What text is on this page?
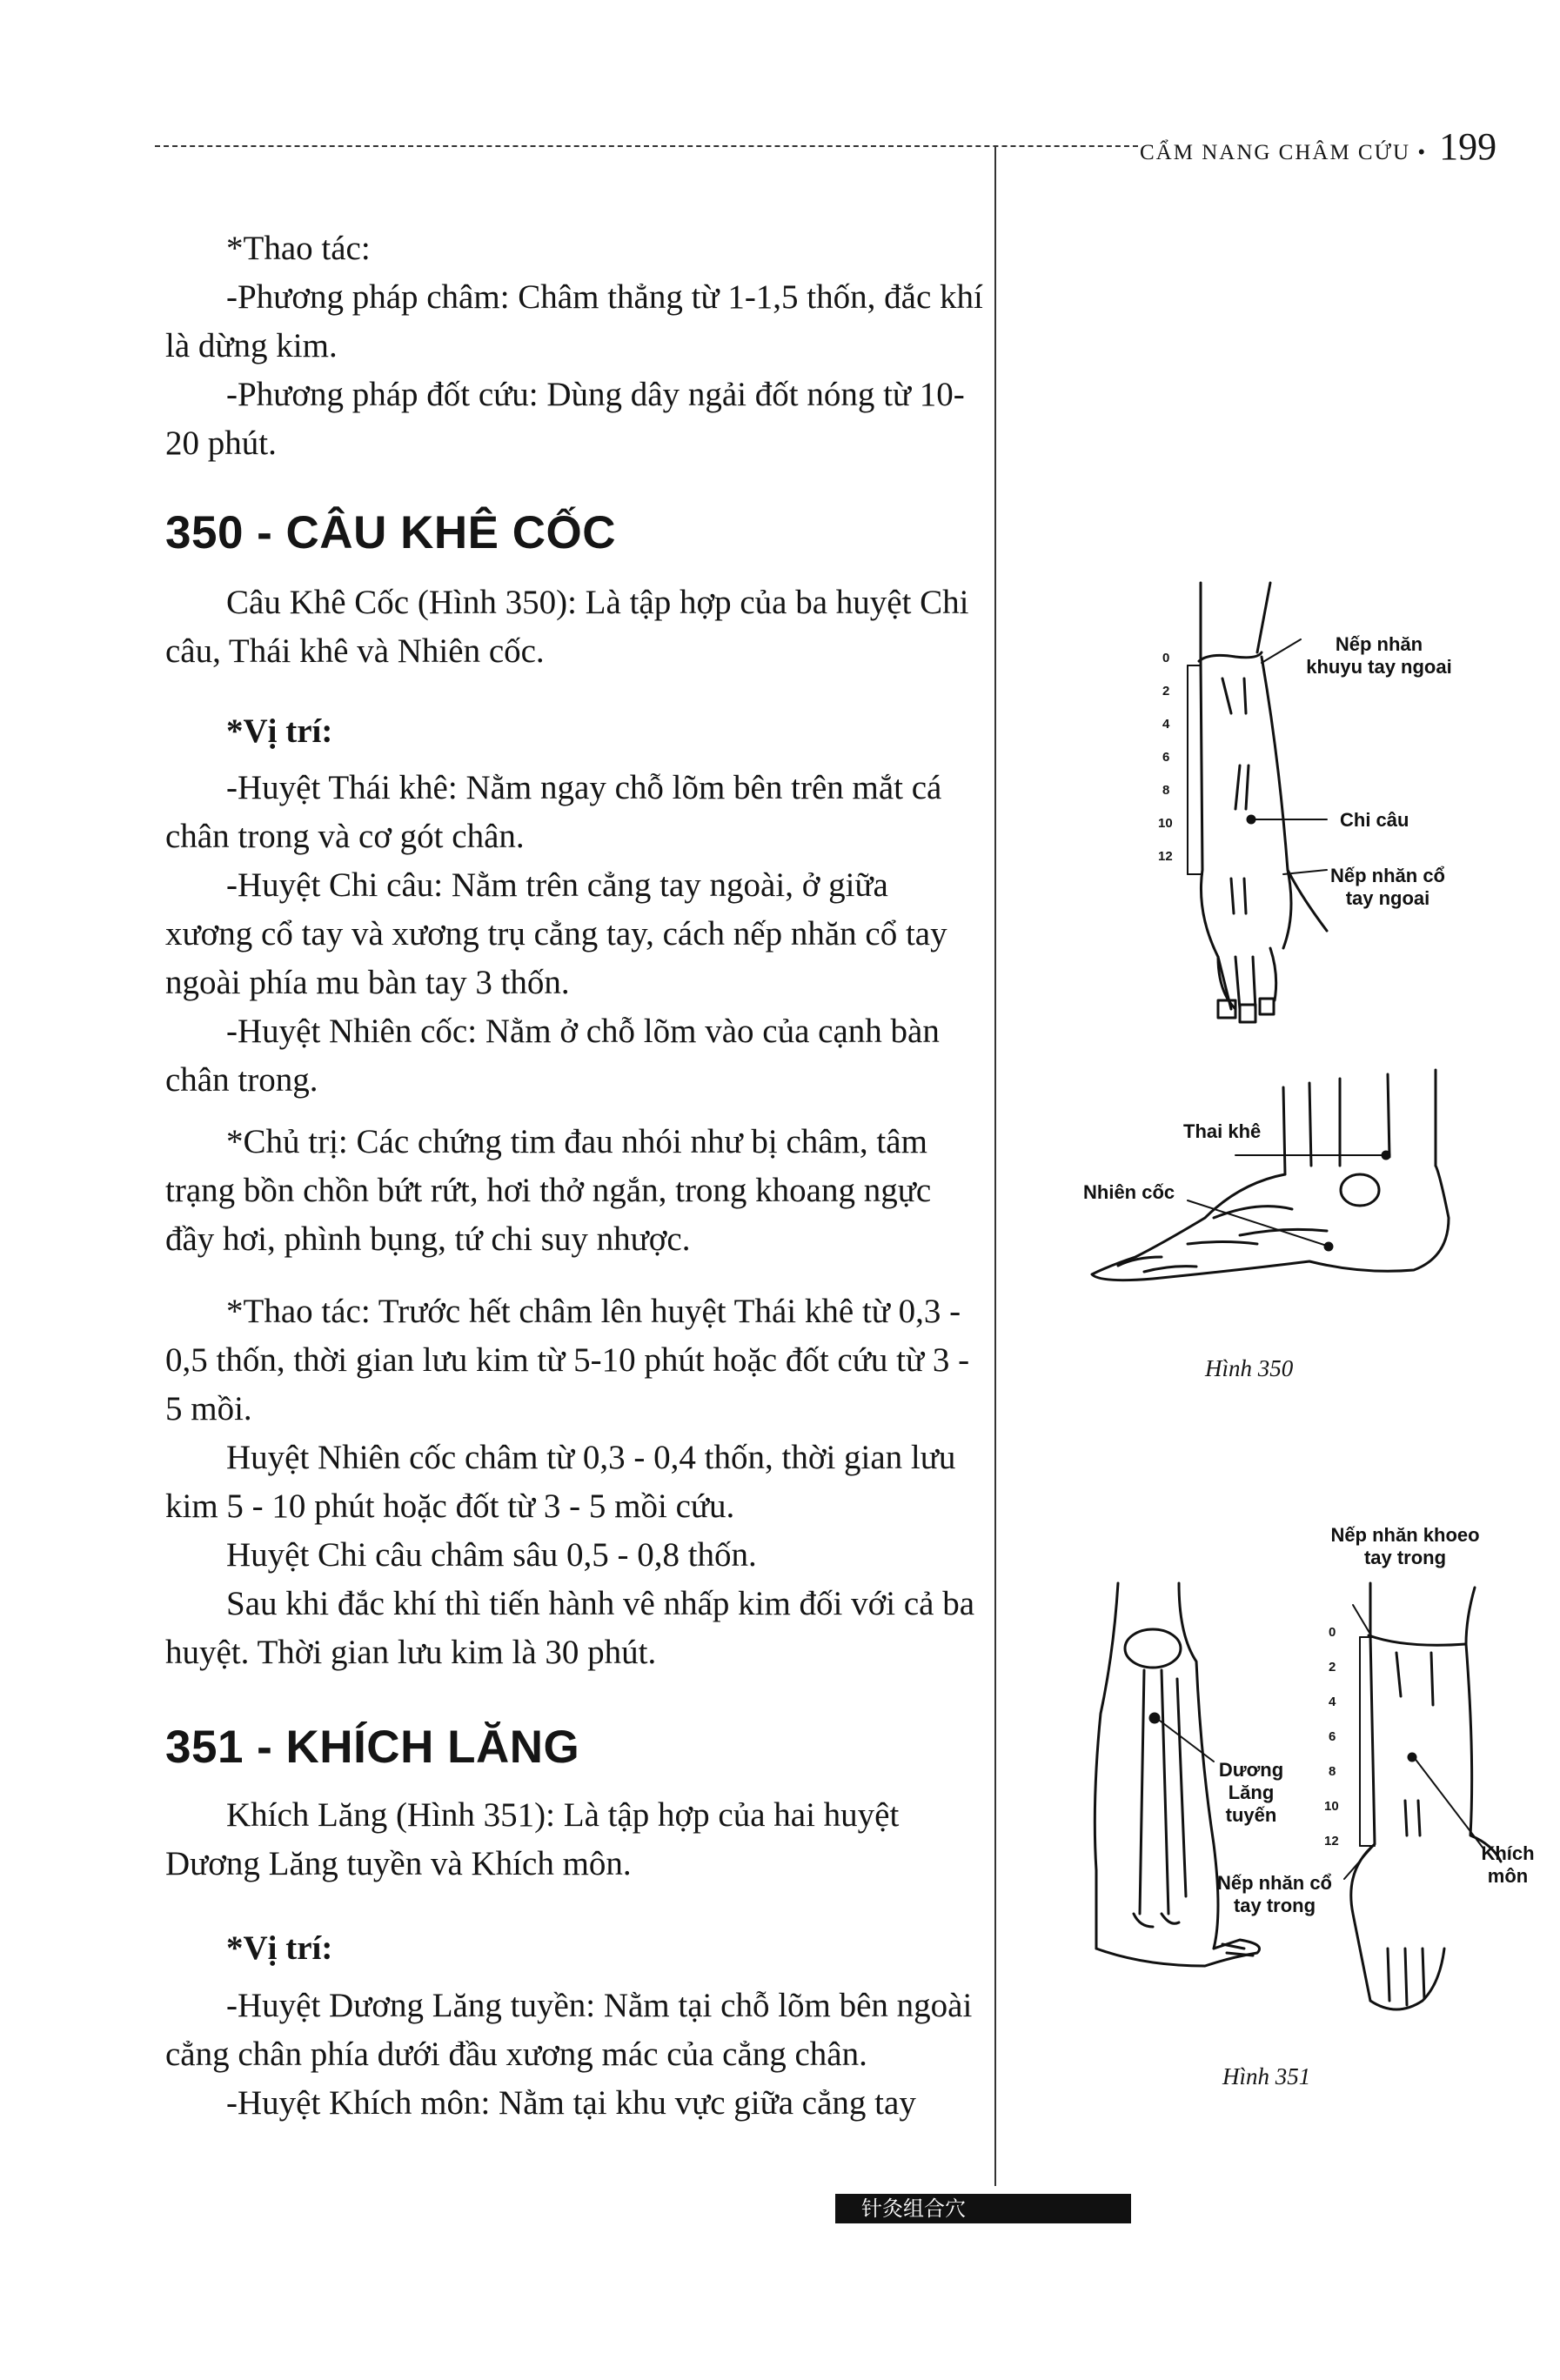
CẨM NANG CHÂM CỨU • 199

*Thao tác:

-Phương pháp châm: Châm thẳng từ 1-1,5 thốn, đắc khí là dừng kim.

-Phương pháp đốt cứu: Dùng dây ngải đốt nóng từ 10-20 phút.

350 - CÂU KHÊ CỐC

Câu Khê Cốc (Hình 350): Là tập hợp của ba huyệt Chi câu, Thái khê và Nhiên cốc.

*Vị trí:

-Huyệt Thái khê: Nằm ngay chỗ lõm bên trên mắt cá chân trong và cơ gót chân.

-Huyệt Chi câu: Nằm trên cẳng tay ngoài, ở giữa xương cổ tay và xương trụ cẳng tay, cách nếp nhăn cổ tay ngoài phía mu bàn tay 3 thốn.

-Huyệt Nhiên cốc: Nằm ở chỗ lõm vào của cạnh bàn chân trong.

*Chủ trị: Các chứng tim đau nhói như bị châm, tâm trạng bồn chồn bứt rứt, hơi thở ngắn, trong khoang ngực đầy hơi, phình bụng, tứ chi suy nhược.

*Thao tác: Trước hết châm lên huyệt Thái khê từ 0,3 - 0,5 thốn, thời gian lưu kim từ 5-10 phút hoặc đốt cứu từ 3 - 5 mồi.

Huyệt Nhiên cốc châm từ 0,3 - 0,4 thốn, thời gian lưu kim 5 - 10 phút hoặc đốt từ 3 - 5 mồi cứu.

Huyệt Chi câu châm sâu 0,5 - 0,8 thốn.

Sau khi đắc khí thì tiến hành vê nhấp kim đối với cả ba huyệt. Thời gian lưu kim là 30 phút.

351 - KHÍCH LĂNG

Khích Lăng (Hình 351): Là tập hợp của hai huyệt Dương Lăng tuyền và Khích môn.

*Vị trí:

-Huyệt Dương Lăng tuyền: Nằm tại chỗ lõm bên ngoài cẳng chân phía dưới đầu xương mác của cẳng chân.

-Huyệt Khích môn: Nằm tại khu vực giữa cẳng tay

0
2
4
6
8
10
12
Nếp nhăn khuyu tay ngoai
Chi câu
Nếp nhăn cổ tay ngoai
Thai khê
Nhiên cốc
Hình 350
Dương Lăng tuyến
0
2
4
6
8
10
12
Nếp nhăn khoeo tay trong
Nếp nhăn cổ tay trong
Khích môn
Hình 351
针灸组合穴
